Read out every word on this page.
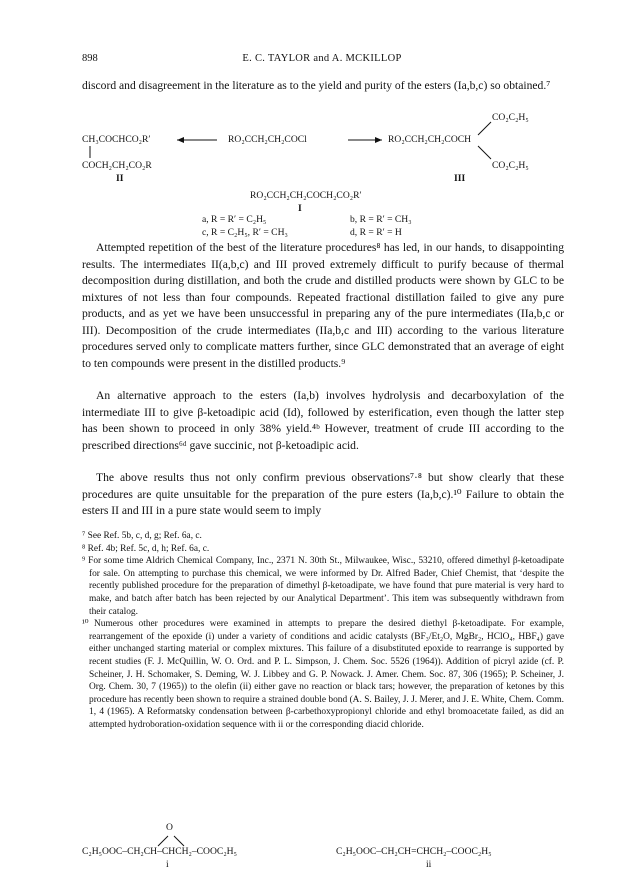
898	E. C. TAYLOR and A. MCKILLOP

discord and disagreement in the literature as to the yield and purity of the esters (Ia,b,c) so obtained.⁷

CH₃COCHCO₂R′
COCH₂CH₂CO₂R
II
RO₂CCH₂CH₂COCl	RO₂CCH₂CH₂COCH
CO₂C₂H₅
CO₂C₂H₅
III
RO₂CCH₂CH₂COCH₂CO₂R′
I
a, R = R′ = C₂H₅	b, R = R′ = CH₃
c, R = C₂H₅, R′ = CH₃	d, R = R′ = H

Attempted repetition of the best of the literature procedures⁸ has led, in our hands, to disappointing results. The intermediates II(a,b,c) and III proved extremely difficult to purify because of thermal decomposition during distillation, and both the crude and distilled products were shown by GLC to be mixtures of not less than four compounds. Repeated fractional distillation failed to give any pure products, and as yet we have been unsuccessful in preparing any of the pure intermediates (IIa,b,c or III). Decomposition of the crude intermediates (IIa,b,c and III) according to the various literature procedures served only to complicate matters further, since GLC demonstrated that an average of eight to ten compounds were present in the distilled products.⁹

An alternative approach to the esters (Ia,b) involves hydrolysis and decarboxylation of the intermediate III to give β-ketoadipic acid (Id), followed by esterification, even though the latter step has been shown to proceed in only 38% yield.⁴ᵇ However, treatment of crude III according to the prescribed directions⁶ᵈ gave succinic, not β-ketoadipic acid.

The above results thus not only confirm previous observations⁷·⁸ but show clearly that these procedures are quite unsuitable for the preparation of the pure esters (Ia,b,c).¹⁰ Failure to obtain the esters II and III in a pure state would seem to imply

⁷ See Ref. 5b, c, d, g; Ref. 6a, c.

⁸ Ref. 4b; Ref. 5c, d, h; Ref. 6a, c.

⁹ For some time Aldrich Chemical Company, Inc., 2371 N. 30th St., Milwaukee, Wisc., 53210, offered dimethyl β-ketoadipate for sale. On attempting to purchase this chemical, we were informed by Dr. Alfred Bader, Chief Chemist, that ‘despite the recently published procedure for the preparation of dimethyl β-ketoadipate, we have found that pure material is very hard to make, and batch after batch has been rejected by our Analytical Department’. This item was subsequently withdrawn from their catalog.

¹⁰ Numerous other procedures were examined in attempts to prepare the desired diethyl β-ketoadipate. For example, rearrangement of the epoxide (i) under a variety of conditions and acidic catalysts (BF₃/Et₂O, MgBr₂, HClO₄, HBF₄) gave either unchanged starting material or complex mixtures. This failure of a disubstituted epoxide to rearrange is supported by recent studies (F. J. McQuillin, W. O. Ord. and P. L. Simpson, J. Chem. Soc. 5526 (1964)). Addition of picryl azide (cf. P. Scheiner, J. H. Schomaker, S. Deming, W. J. Libbey and G. P. Nowack. J. Amer. Chem. Soc. 87, 306 (1965); P. Scheiner, J. Org. Chem. 30, 7 (1965)) to the olefin (ii) either gave no reaction or black tars; however, the preparation of ketones by this procedure has recently been shown to require a strained double bond (A. S. Bailey, J. J. Merer, and J. E. White, Chem. Comm. 1, 4 (1965). A Reformatsky condensation between β-carbethoxypropionyl chloride and ethyl bromoacetate failed, as did an attempted hydroboration-oxidation sequence with ii or the corresponding diacid chloride.

O
C₂H₅OOC–CH₂CH–CHCH₂–COOC₂H₅
i
C₂H₅OOC–CH₂CH=CHCH₂–COOC₂H₅
ii
